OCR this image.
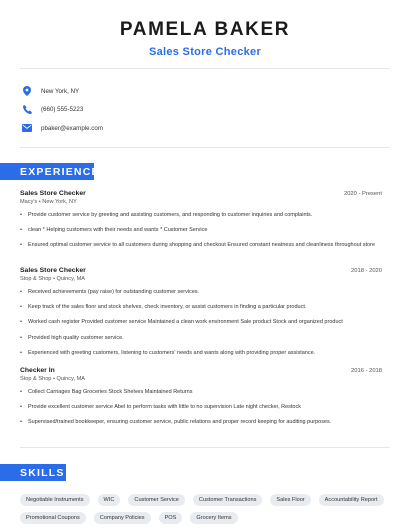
PAMELA BAKER
Sales Store Checker
New York, NY
(660) 555-5223
pbaker@example.com
EXPERIENCE
Sales Store Checker	2020 - Present
Macy's • New York, NY
• Provide customer service by greeting and assisting customers, and responding to customer inquiries and complaints.
• clean * Helping customers with their needs and wants * Customer Service
• Ensured optimal customer service to all customers during shopping and checkout Ensured constant neatness and cleanliness throughout store
Sales Store Checker	2018 - 2020
Stop & Shop • Quincy, MA
• Received achievements (pay raise) for outstanding customer services.
• Keep track of the sales floor and stock shelves, check inventory, or assist customers in finding a particular product.
• Worked cash register Provided customer service Maintained a clean work environment Sale product Stock and organized product
• Provided high quality customer service.
• Experienced with greeting customers, listening to customers' needs and wants along with providing proper assistance.
Checker In	2016 - 2018
Stop & Shop • Quincy, MA
• Collect Carriages Bag Groceries Stock Shelves Maintained Returns
• Provide excellent customer service Abel to perform tasks with little to no supervision Late night checker, Restock
• Supervised/trained bookkeeper, ensuring customer service, public relations and proper record keeping for auditing purposes.
SKILLS
Negotiable Instruments	WIC	Customer Service	Customer Transactions	Sales Floor	Accountability Report
Promotional Coupons	Company Policies	POS	Grocery Items
